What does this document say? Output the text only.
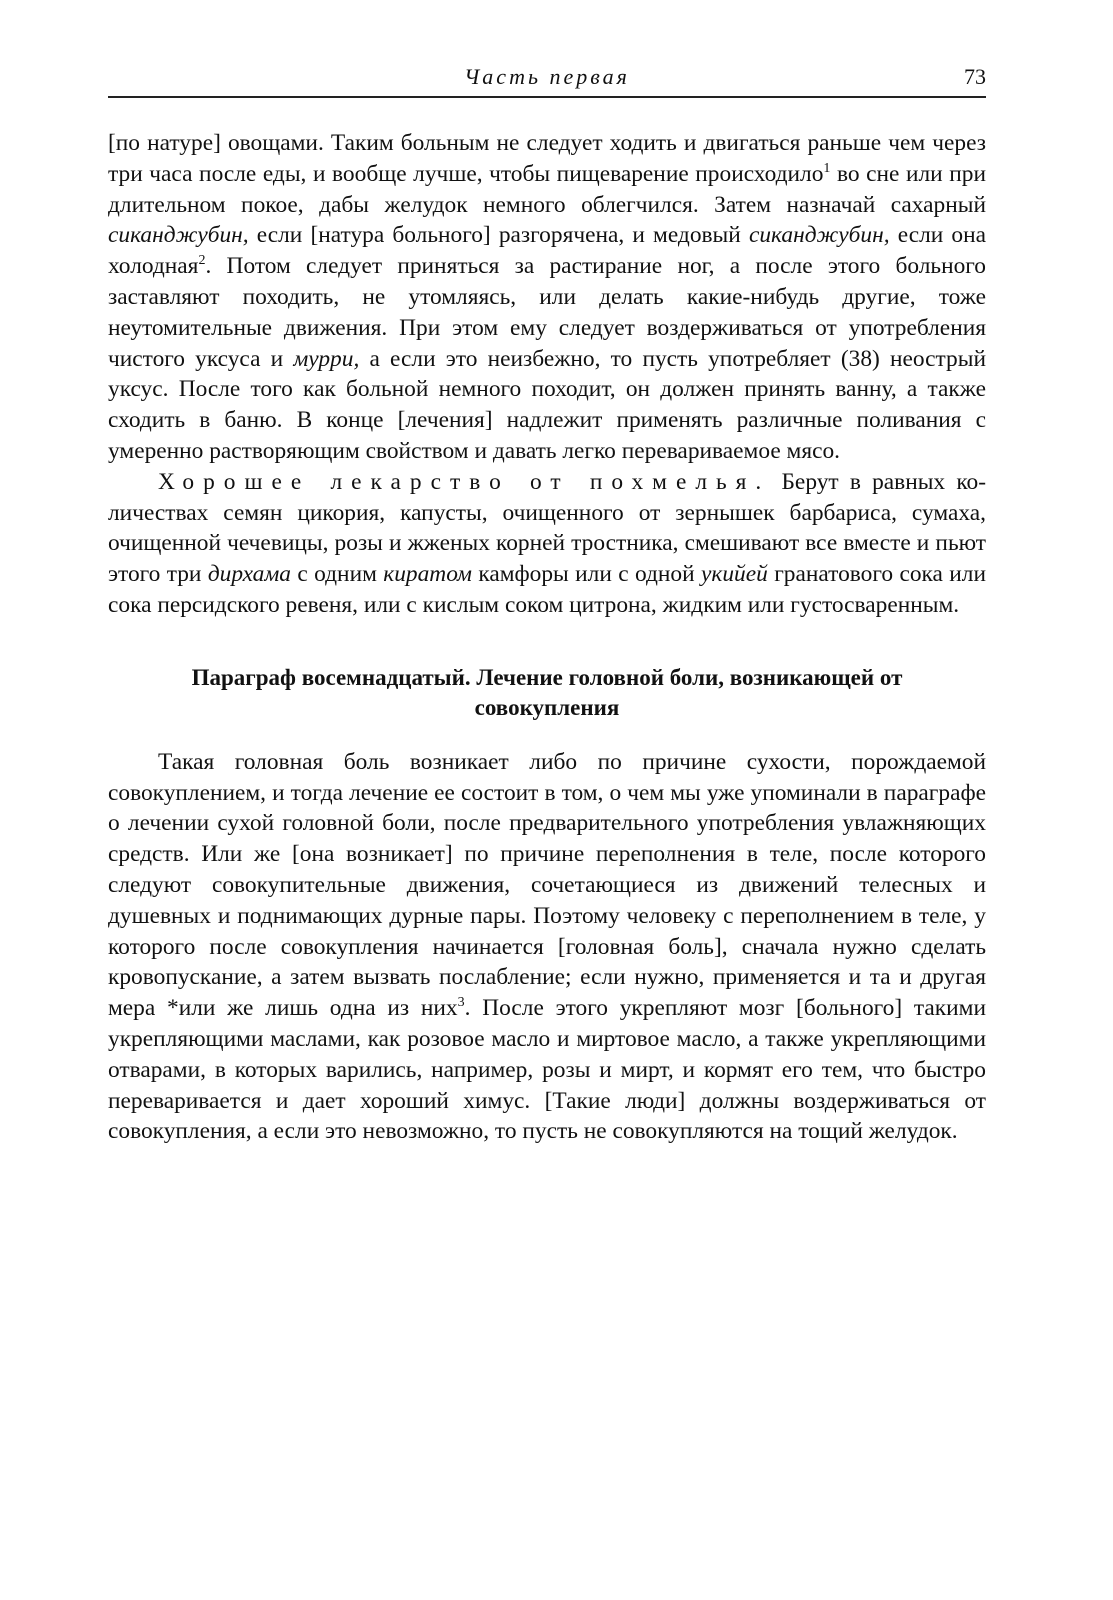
Часть первая	73

[по натуре] овощами. Таким больным не следует ходить и двигаться раньше чем через три часа после еды, и вообще лучше, чтобы пищеварение происходило$^1$ во сне или при длительном покое, дабы желудок немного облегчился. Затем назначай сахарный сиканджубин, если [натура больного] разгорячена, и медовый сиканджубин, если она холодная$^2$. Потом следует приняться за растирание ног, а после этого больного заставляют походить, не утомляясь, или делать какие-нибудь другие, тоже неутомительные движения. При этом ему следует воздерживаться от употребления чистого уксуса и мурри, а если это неизбежно, то пусть употребляет (38) неострый уксус. После того как больной немного походит, он должен принять ванну, а также сходить в баню. В конце [лечения] надлежит применять различные поливания с умеренно растворяющим свойством и давать легко перевариваемое мясо.

Хорошее лекарство от похмелья. Берут в равных количествах семян цикория, капусты, очищенного от зернышек барбариса, сумаха, очищенной чечевицы, розы и жженых корней тростника, смешивают все вместе и пьют этого три дирхама с одним киратом камфоры или с одной укийей гранатового сока или сока персидского ревеня, или с кислым соком цитрона, жидким или густосваренным.

Параграф восемнадцатый. Лечение головной боли, возникающей от
совокупления

Такая головная боль возникает либо по причине сухости, порождаемой совокуплением, и тогда лечение ее состоит в том, о чем мы уже упоминали в параграфе о лечении сухой головной боли, после предварительного употребления увлажняющих средств. Или же [она возникает] по причине переполнения в теле, после которого следуют совокупительные движения, сочетающиеся из движений телесных и душевных и поднимающих дурные пары. Поэтому человеку с переполнением в теле, у которого после совокупления начинается [головная боль], сначала нужно сделать кровопускание, а затем вызвать послабление; если нужно, применяется и та и другая мера *или же лишь одна из них$^3$. После этого укрепляют мозг [больного] такими укрепляющими маслами, как розовое масло и миртовое масло, а также укрепляющими отварами, в которых варились, например, розы и мирт, и кормят его тем, что быстро переваривается и дает хороший химус. [Такие люди] должны воздерживаться от совокупления, а если это невозможно, то пусть не совокупляются на тощий желудок.
